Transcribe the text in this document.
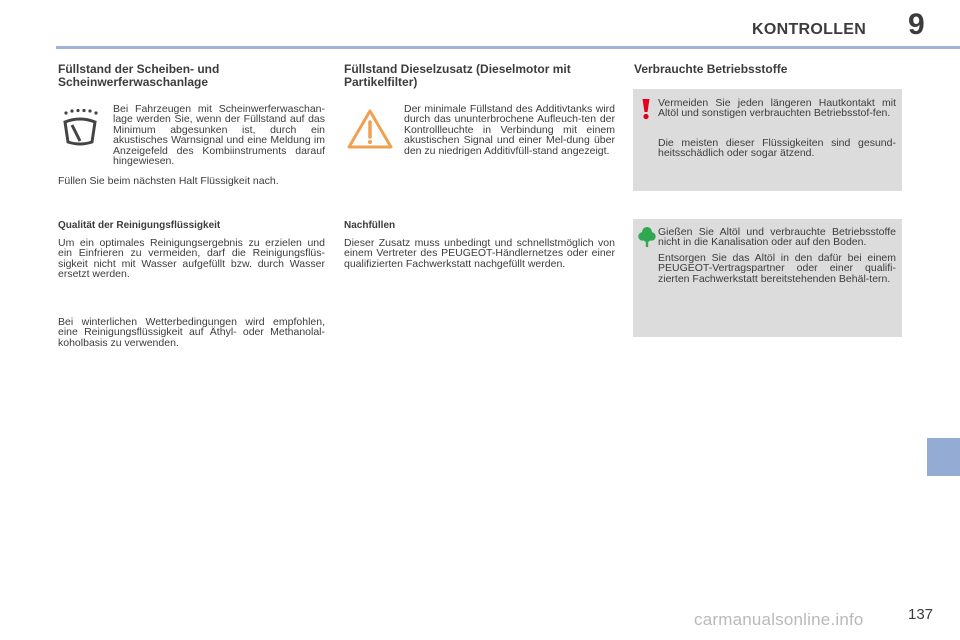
KONTROLLEN 9
Füllstand der Scheiben- und
Scheinwerferwaschanlage

Bei Fahrzeugen mit Scheinwerferwaschan-lage werden Sie, wenn der Füllstand auf das Minimum abgesunken ist, durch ein akustisches Warnsignal und eine Meldung im Anzeigefeld des Kombiinstruments darauf hingewiesen.

Füllen Sie beim nächsten Halt Flüssigkeit nach.

Qualität der Reinigungsflüssigkeit

Um ein optimales Reinigungsergebnis zu erzielen und ein Einfrieren zu vermeiden, darf die Reinigungsflüs-sigkeit nicht mit Wasser aufgefüllt bzw. durch Wasser ersetzt werden.

Bei winterlichen Wetterbedingungen wird empfohlen, eine Reinigungsflüssigkeit auf Äthyl- oder Methanolal-koholbasis zu verwenden.

Füllstand Dieselzusatz (Dieselmotor mit
Partikelfilter)

Der minimale Füllstand des Additivtanks wird durch das ununterbrochene Aufleuch-ten der Kontrollleuchte in Verbindung mit einem akustischen Signal und einer Mel-dung über den zu niedrigen Additivfüll-stand angezeigt.

Nachfüllen

Dieser Zusatz muss unbedingt und schnellstmöglich von einem Vertreter des PEUGEOT-Händlernetzes oder einer qualifizierten Fachwerkstatt nachgefüllt werden.

Verbrauchte Betriebsstoffe

Vermeiden Sie jeden längeren Hautkontakt mit Altöl und sonstigen verbrauchten Betriebsstof-fen.

Die meisten dieser Flüssigkeiten sind gesund-heitsschädlich oder sogar ätzend.

Gießen Sie Altöl und verbrauchte Betriebsstoffe nicht in die Kanalisation oder auf den Boden.

Entsorgen Sie das Altöl in den dafür bei einem PEUGEOT-Vertragspartner oder einer qualifi-zierten Fachwerkstatt bereitstehenden Behäl-tern.

137
carmanualsonline.info
